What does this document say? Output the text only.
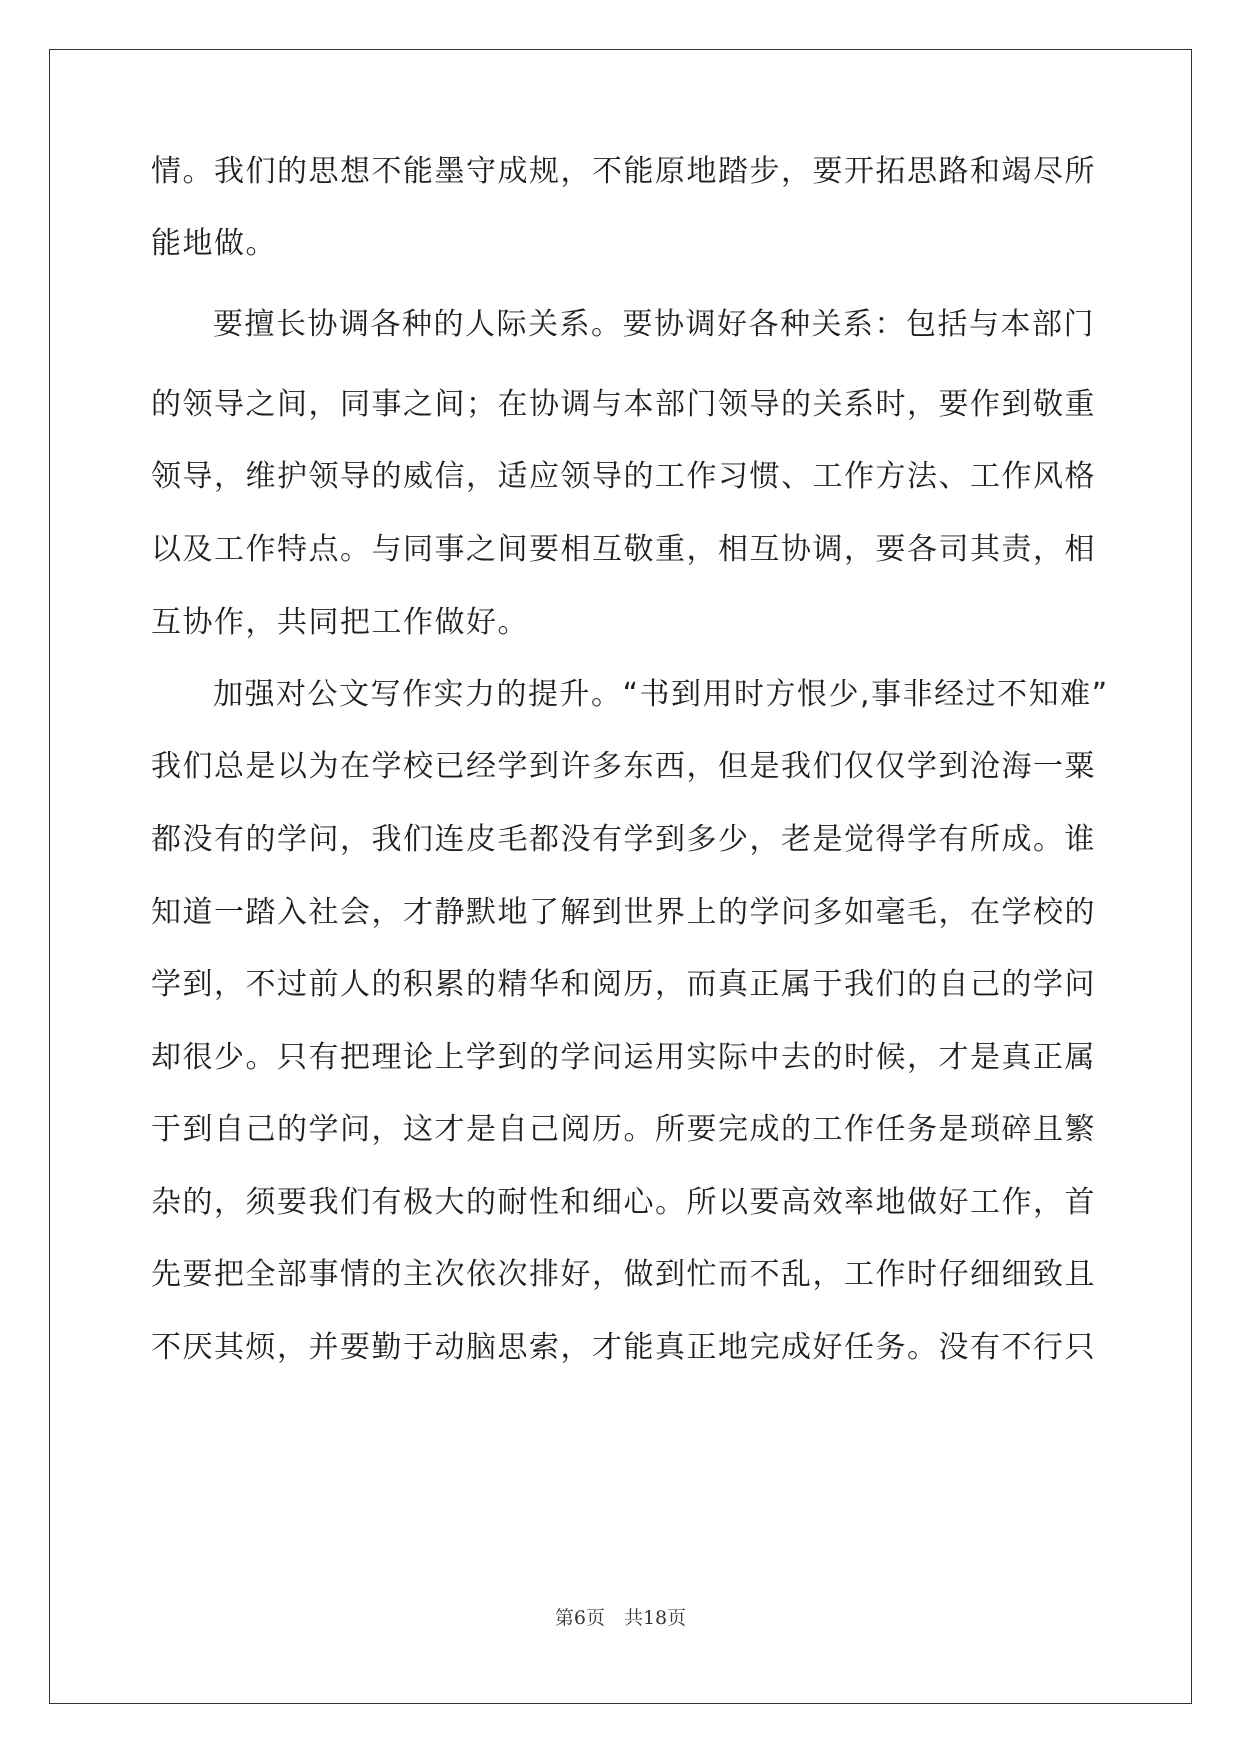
情。我们的思想不能墨守成规，不能原地踏步，要开拓思路和竭尽所
能地做。
要擅长协调各种的人际关系。要协调好各种关系：包括与本部门
的领导之间，同事之间；在协调与本部门领导的关系时，要作到敬重
领导，维护领导的威信，适应领导的工作习惯、工作方法、工作风格
以及工作特点。与同事之间要相互敬重，相互协调，要各司其责，相
互协作，共同把工作做好。
加强对公文写作实力的提升。“书到用时方恨少,事非经过不知难”
我们总是以为在学校已经学到许多东西，但是我们仅仅学到沧海一粟
都没有的学问，我们连皮毛都没有学到多少，老是觉得学有所成。谁
知道一踏入社会，才静默地了解到世界上的学问多如毫毛，在学校的
学到，不过前人的积累的精华和阅历，而真正属于我们的自己的学问
却很少。只有把理论上学到的学问运用实际中去的时候，才是真正属
于到自己的学问，这才是自己阅历。所要完成的工作任务是琐碎且繁
杂的，须要我们有极大的耐性和细心。所以要高效率地做好工作，首
先要把全部事情的主次依次排好，做到忙而不乱，工作时仔细细致且
不厌其烦，并要勤于动脑思索，才能真正地完成好任务。没有不行只
第6页　共18页
